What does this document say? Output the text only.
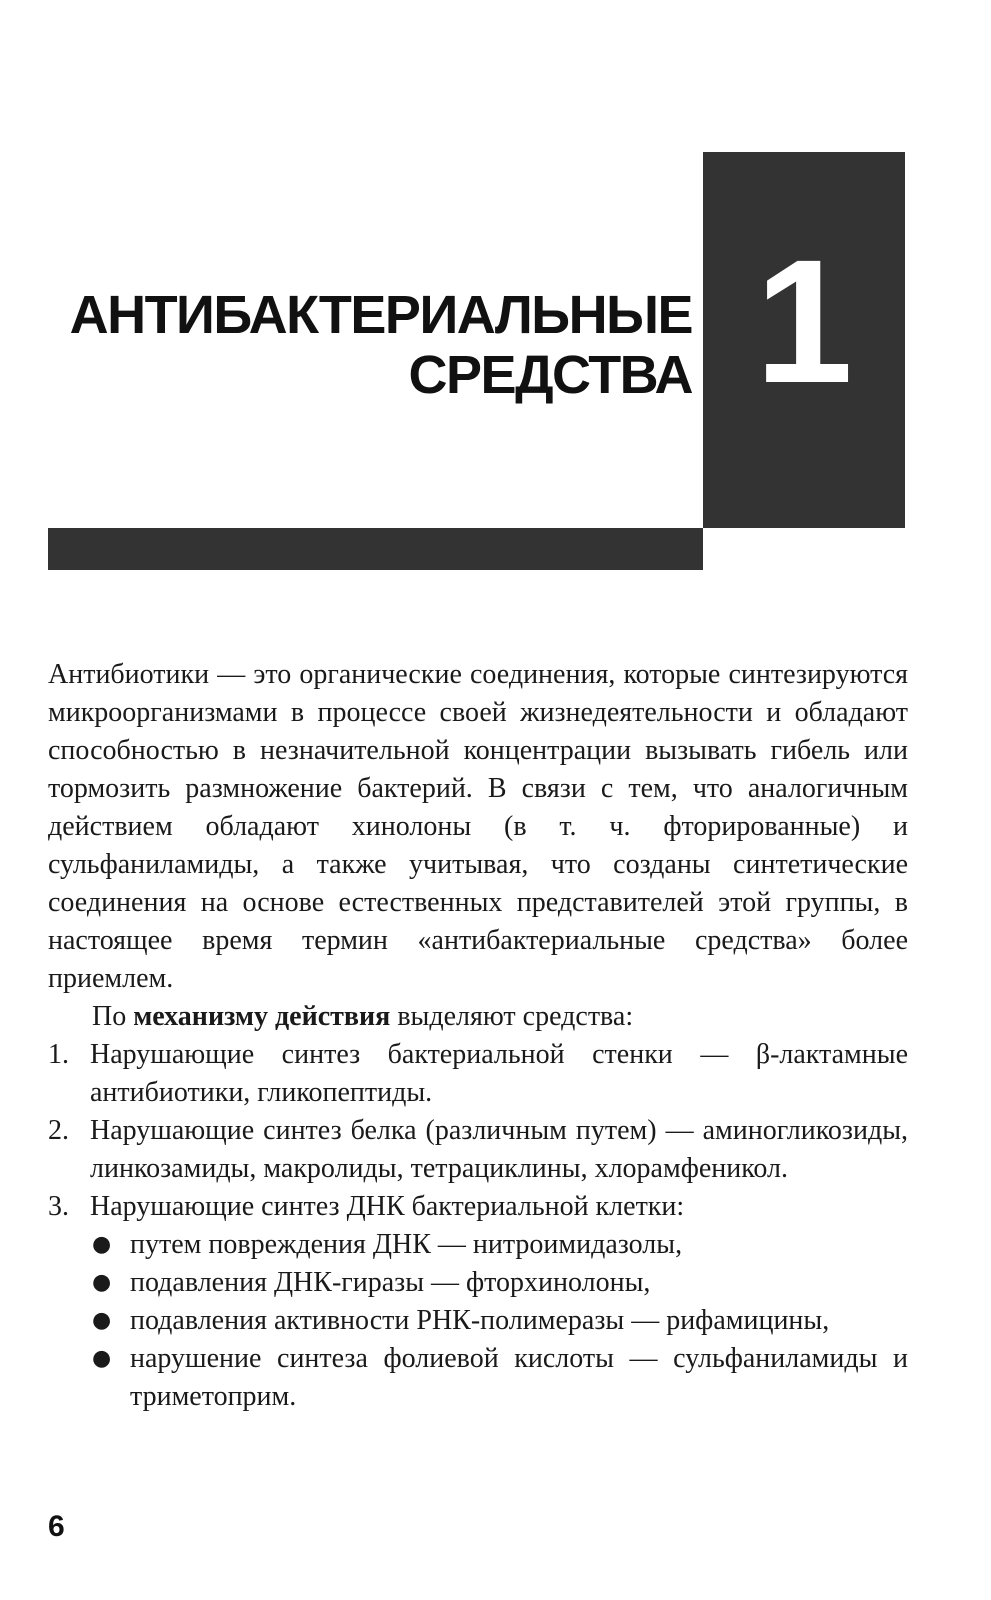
1
АНТИБАКТЕРИАЛЬНЫЕ
СРЕДСТВА

Антибиотики — это органические соединения, которые синтезируются микроорганизмами в процессе своей жизнедеятельности и обладают способностью в незначительной концентрации вызывать гибель или тормозить размножение бактерий. В связи с тем, что аналогичным действием обладают хинолоны (в т. ч. фторированные) и сульфаниламиды, а также учитывая, что созданы синтетические соединения на основе естественных представителей этой группы, в настоящее время термин «антибактериальные средства» более приемлем.

По механизму действия выделяют средства:

1. Нарушающие синтез бактериальной стенки — β-лактамные антибиотики, гликопептиды.
2. Нарушающие синтез белка (различным путем) — аминогликозиды, линкозамиды, макролиды, тетрациклины, хлорамфеникол.
3. Нарушающие синтез ДНК бактериальной клетки:
● путем повреждения ДНК — нитроимидазолы,
● подавления ДНК-гиразы — фторхинолоны,
● подавления активности РНК-полимеразы — рифамицины,
● нарушение синтеза фолиевой кислоты — сульфаниламиды и триметоприм.
6
